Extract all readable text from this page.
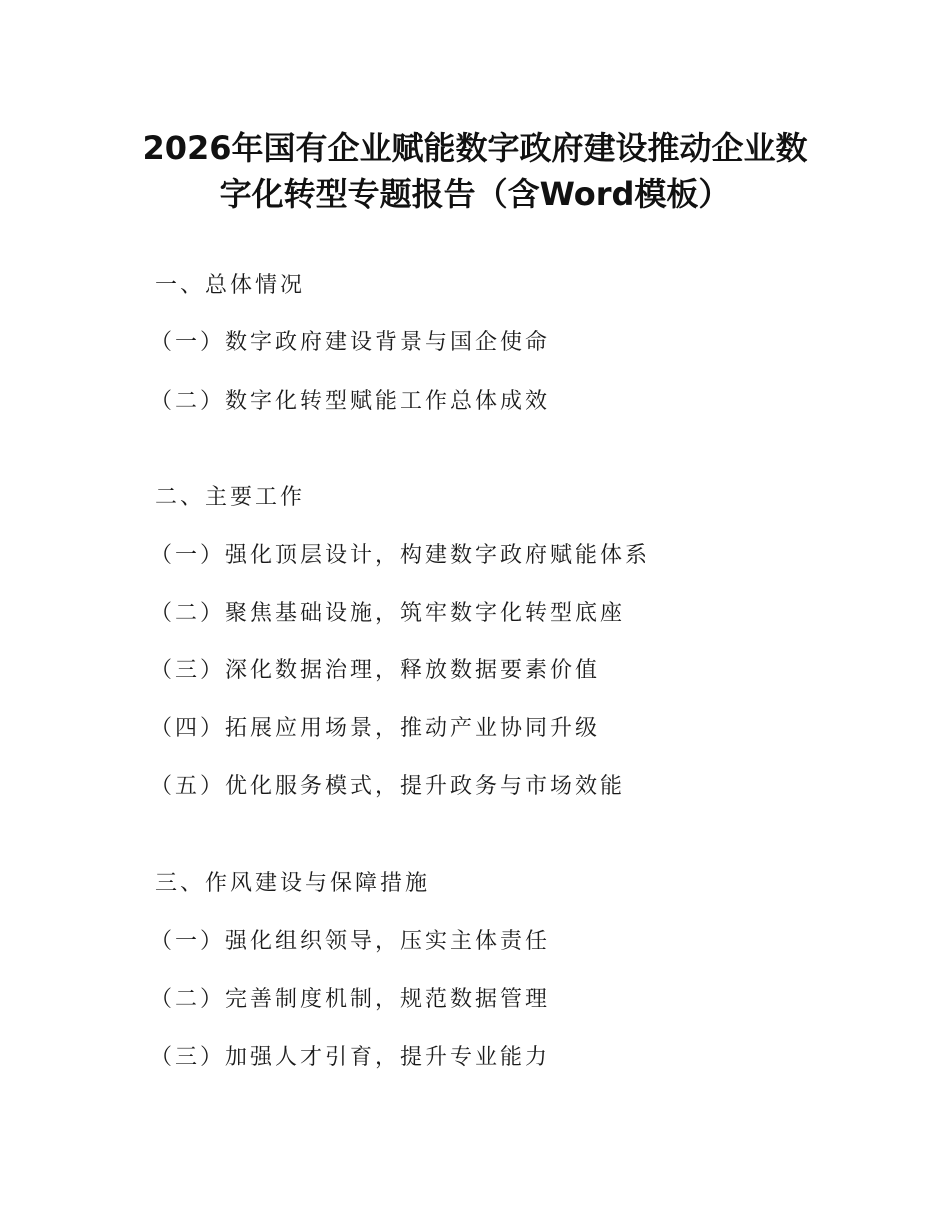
2026年国有企业赋能数字政府建设推动企业数
字化转型专题报告（含Word模板）
一、总体情况
（一）数字政府建设背景与国企使命
（二）数字化转型赋能工作总体成效
二、主要工作
（一）强化顶层设计，构建数字政府赋能体系
（二）聚焦基础设施，筑牢数字化转型底座
（三）深化数据治理，释放数据要素价值
（四）拓展应用场景，推动产业协同升级
（五）优化服务模式，提升政务与市场效能
三、作风建设与保障措施
（一）强化组织领导，压实主体责任
（二）完善制度机制，规范数据管理
（三）加强人才引育，提升专业能力
